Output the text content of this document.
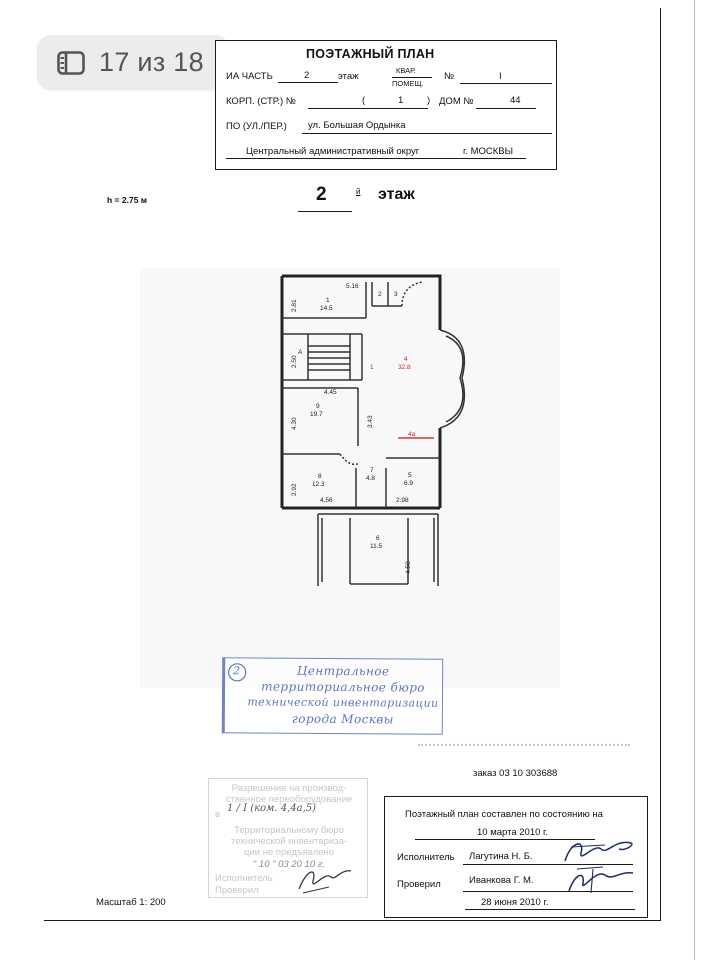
17 из 18	ПОЭТАЖНЫЙ ПЛАН
ИА ЧАСТЬ	2	этаж
КВАР.
ПОМЕЩ.
№	I
КОРП. (СТР.) №	(	1 ) ДОМ №	44
ПО (УЛ./ПЕР.) ул. Большая Ордынка
Центральный административный округ	г. МОСКВЫ
h = 2.75 м	2	й этаж
1
14.5
2 3
4
32.8
4а
5
6.9
6
11.5
7
4.8
8
12.3
9
19.7
5.16
4.45
4.56	2.98
A
1
2.81
2.50
4.30	3.43
2.92
4.50
2	Центральное
территориальное бюро
технической инвентаризации
города Москвы
заказ 03 10 303688
Разрешение на производ-
ственное переоборудование
в
1 / I (ком. 4,4а,5)
Территориальному бюро
технической инвентариза-
ции не предъявлено
" 10 " 03 20 10 г.
Исполнитель
Проверил
Масштаб 1: 200
Поэтажный план составлен по состоянию на
10 марта 2010 г.
Исполнитель Лагутина Н. Б.
Проверил	Иванкова Г. М.
28 июня 2010 г.
